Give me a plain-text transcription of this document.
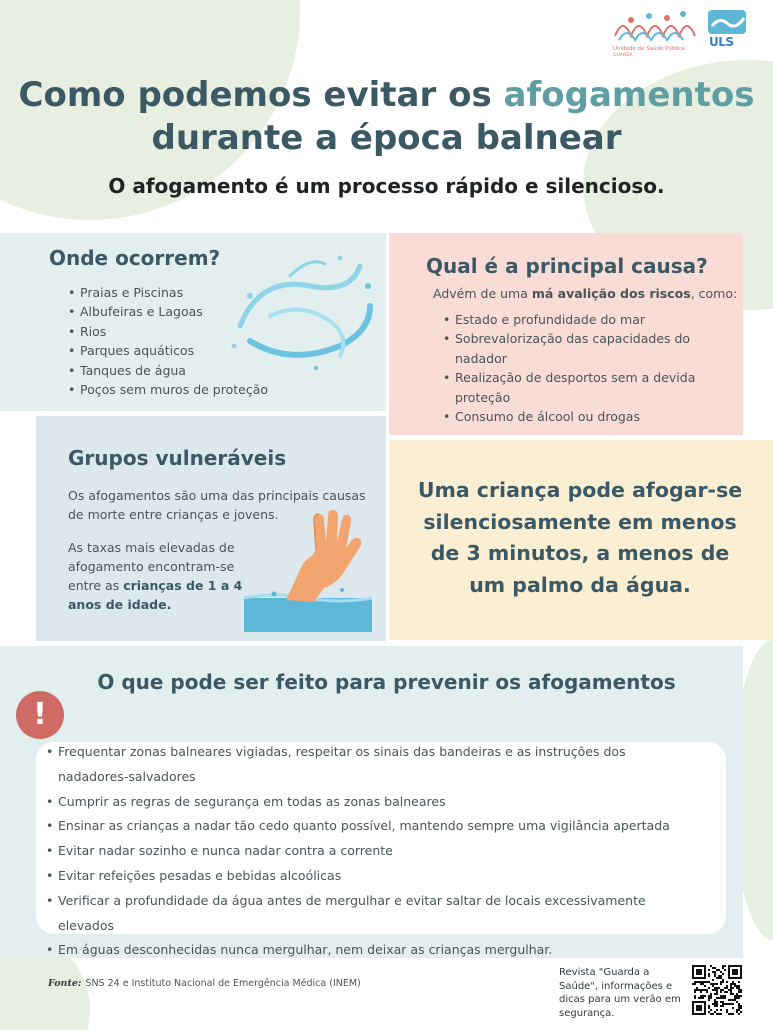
Unidade de Saúde Pública
GUARDA
ULS
Como podemos evitar os afogamentos
durante a época balnear
O afogamento é um processo rápido e silencioso.
Onde ocorrem?
• Praias e Piscinas
• Albufeiras e Lagoas
• Rios
• Parques aquáticos
• Tanques de água
• Poços sem muros de proteção
Qual é a principal causa?
Advém de uma má avalição dos riscos, como:
• Estado e profundidade do mar
• Sobrevalorização das capacidades do nadador
• Realização de desportos sem a devida proteção
• Consumo de álcool ou drogas
Grupos vulneráveis

Os afogamentos são uma das principais causas de morte entre crianças e jovens.

As taxas mais elevadas de afogamento encontram-se entre as crianças de 1 a 4 anos de idade.

Uma criança pode afogar-se silenciosamente em menos de 3 minutos, a menos de um palmo da água.

O que pode ser feito para prevenir os afogamentos
!
• Frequentar zonas balneares vigiadas, respeitar os sinais das bandeiras e as instruções dos nadadores-salvadores
• Cumprir as regras de segurança em todas as zonas balneares
• Ensinar as crianças a nadar tão cedo quanto possível, mantendo sempre uma vigilância apertada
• Evitar nadar sozinho e nunca nadar contra a corrente
• Evitar refeições pesadas e bebidas alcoólicas
• Verificar a profundidade da água antes de mergulhar e evitar saltar de locais excessivamente elevados
• Em águas desconhecidas nunca mergulhar, nem deixar as crianças mergulhar.
Fonte: SNS 24 e Instituto Nacional de Emergência Médica (INEM)

Revista "Guarda a Saúde", informações e dicas para um verão em segurança.
